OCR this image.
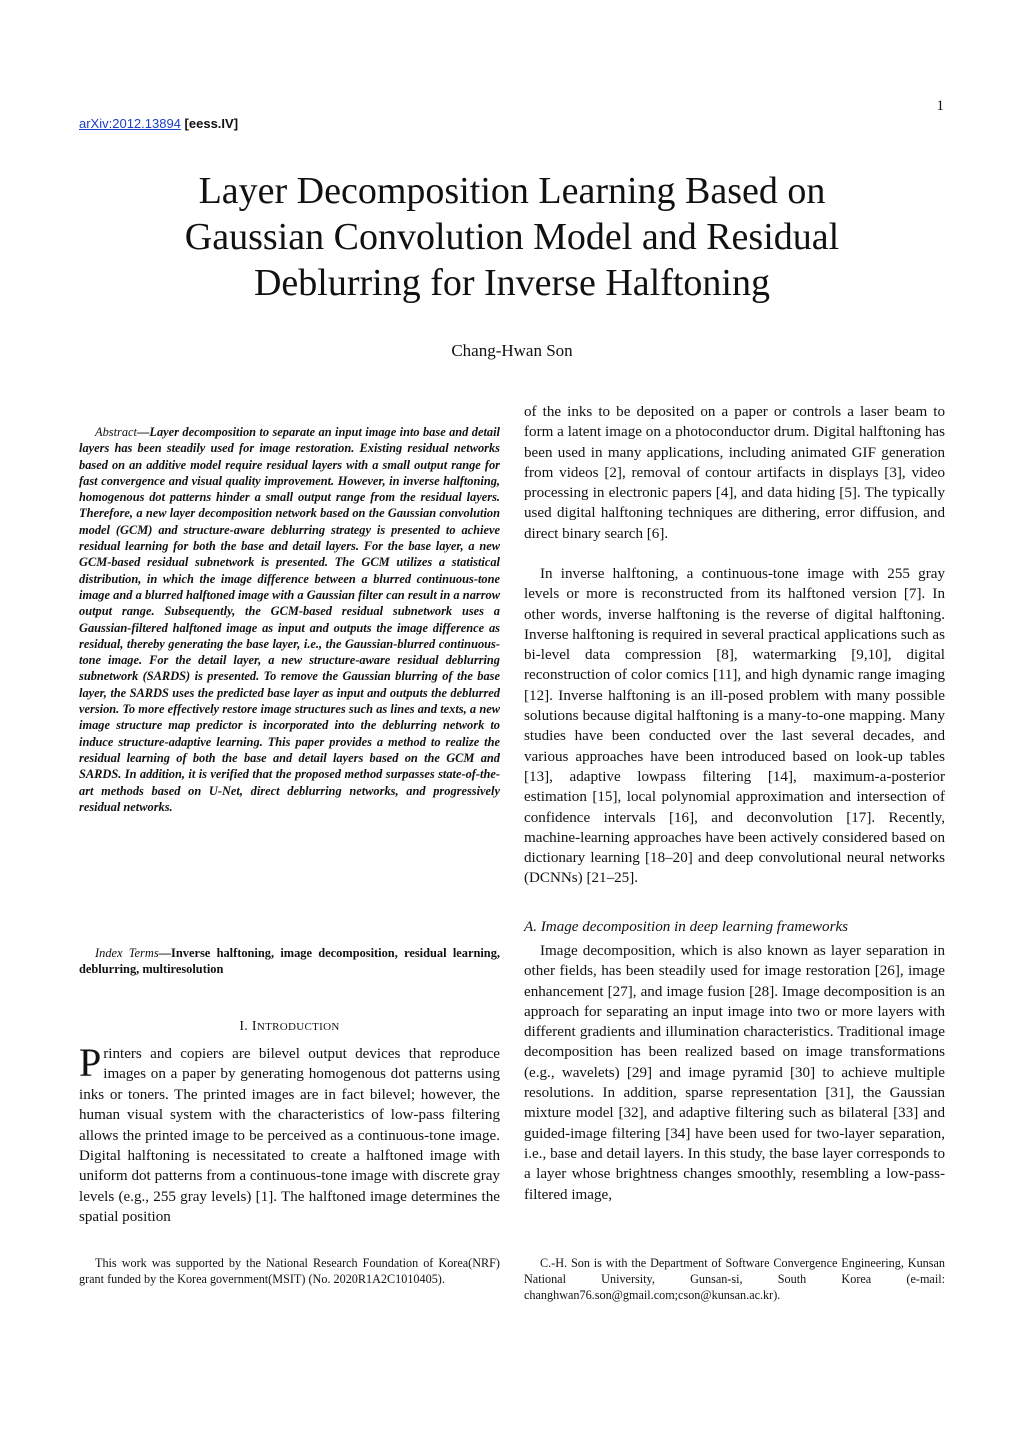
arXiv:2012.13894 [eess.IV]
1
Layer Decomposition Learning Based on
Gaussian Convolution Model and Residual
Deblurring for Inverse Halftoning
Chang-Hwan Son

Abstract—Layer decomposition to separate an input image into base and detail layers has been steadily used for image restoration. Existing residual networks based on an additive model require residual layers with a small output range for fast convergence and visual quality improvement. However, in inverse halftoning, homogenous dot patterns hinder a small output range from the residual layers. Therefore, a new layer decomposition network based on the Gaussian convolution model (GCM) and structure-aware deblurring strategy is presented to achieve residual learning for both the base and detail layers. For the base layer, a new GCM-based residual subnetwork is presented. The GCM utilizes a statistical distribution, in which the image difference between a blurred continuous-tone image and a blurred halftoned image with a Gaussian filter can result in a narrow output range. Subsequently, the GCM-based residual subnetwork uses a Gaussian-filtered halftoned image as input and outputs the image difference as residual, thereby generating the base layer, i.e., the Gaussian-blurred continuous-tone image. For the detail layer, a new structure-aware residual deblurring subnetwork (SARDS) is presented. To remove the Gaussian blurring of the base layer, the SARDS uses the predicted base layer as input and outputs the deblurred version. To more effectively restore image structures such as lines and texts, a new image structure map predictor is incorporated into the deblurring network to induce structure-adaptive learning. This paper provides a method to realize the residual learning of both the base and detail layers based on the GCM and SARDS. In addition, it is verified that the proposed method surpasses state-of-the-art methods based on U-Net, direct deblurring networks, and progressively residual networks.

Index Terms—Inverse halftoning, image decomposition, residual learning, deblurring, multiresolution

I. INTRODUCTION

Printers and copiers are bilevel output devices that reproduce images on a paper by generating homogenous dot patterns using inks or toners. The printed images are in fact bilevel; however, the human visual system with the characteristics of low-pass filtering allows the printed image to be perceived as a continuous-tone image. Digital halftoning is necessitated to create a halftoned image with uniform dot patterns from a continuous-tone image with discrete gray levels (e.g., 255 gray levels) [1]. The halftoned image determines the spatial position

of the inks to be deposited on a paper or controls a laser beam to form a latent image on a photoconductor drum. Digital halftoning has been used in many applications, including animated GIF generation from videos [2], removal of contour artifacts in displays [3], video processing in electronic papers [4], and data hiding [5]. The typically used digital halftoning techniques are dithering, error diffusion, and direct binary search [6].

In inverse halftoning, a continuous-tone image with 255 gray levels or more is reconstructed from its halftoned version [7]. In other words, inverse halftoning is the reverse of digital halftoning. Inverse halftoning is required in several practical applications such as bi-level data compression [8], watermarking [9,10], digital reconstruction of color comics [11], and high dynamic range imaging [12]. Inverse halftoning is an ill-posed problem with many possible solutions because digital halftoning is a many-to-one mapping. Many studies have been conducted over the last several decades, and various approaches have been introduced based on look-up tables [13], adaptive lowpass filtering [14], maximum-a-posterior estimation [15], local polynomial approximation and intersection of confidence intervals [16], and deconvolution [17]. Recently, machine-learning approaches have been actively considered based on dictionary learning [18–20] and deep convolutional neural networks (DCNNs) [21–25].

A. Image decomposition in deep learning frameworks

Image decomposition, which is also known as layer separation in other fields, has been steadily used for image restoration [26], image enhancement [27], and image fusion [28]. Image decomposition is an approach for separating an input image into two or more layers with different gradients and illumination characteristics. Traditional image decomposition has been realized based on image transformations (e.g., wavelets) [29] and image pyramid [30] to achieve multiple resolutions. In addition, sparse representation [31], the Gaussian mixture model [32], and adaptive filtering such as bilateral [33] and guided-image filtering [34] have been used for two-layer separation, i.e., base and detail layers. In this study, the base layer corresponds to a layer whose brightness changes smoothly, resembling a low-pass-filtered image,

This work was supported by the National Research Foundation of Korea(NRF) grant funded by the Korea government(MSIT) (No. 2020R1A2C1010405).

C.-H. Son is with the Department of Software Convergence Engineering, Kunsan National University, Gunsan-si, South Korea (e-mail: changhwan76.son@gmail.com;cson@kunsan.ac.kr).
